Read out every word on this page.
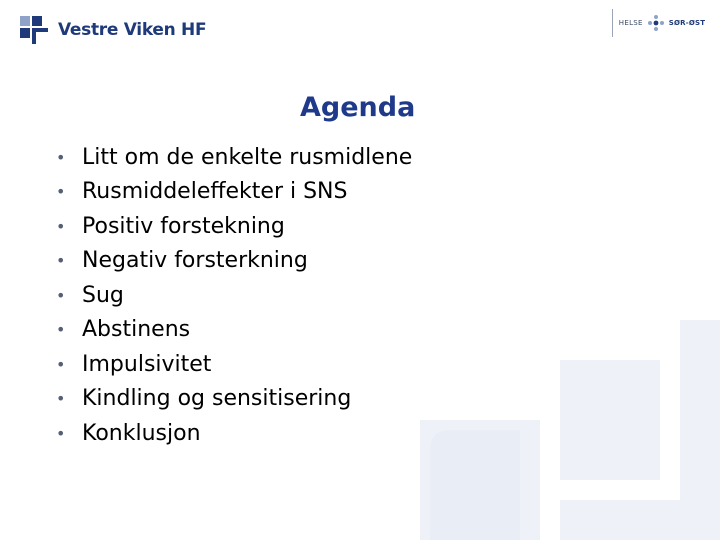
Vestre Viken HF	HELSE	SØR-ØST
Agenda
• Litt om de enkelte rusmidlene
• Rusmiddeleffekter i SNS
• Positiv forstekning
• Negativ forsterkning
• Sug
• Abstinens
• Impulsivitet
• Kindling og sensitisering
• Konklusjon
